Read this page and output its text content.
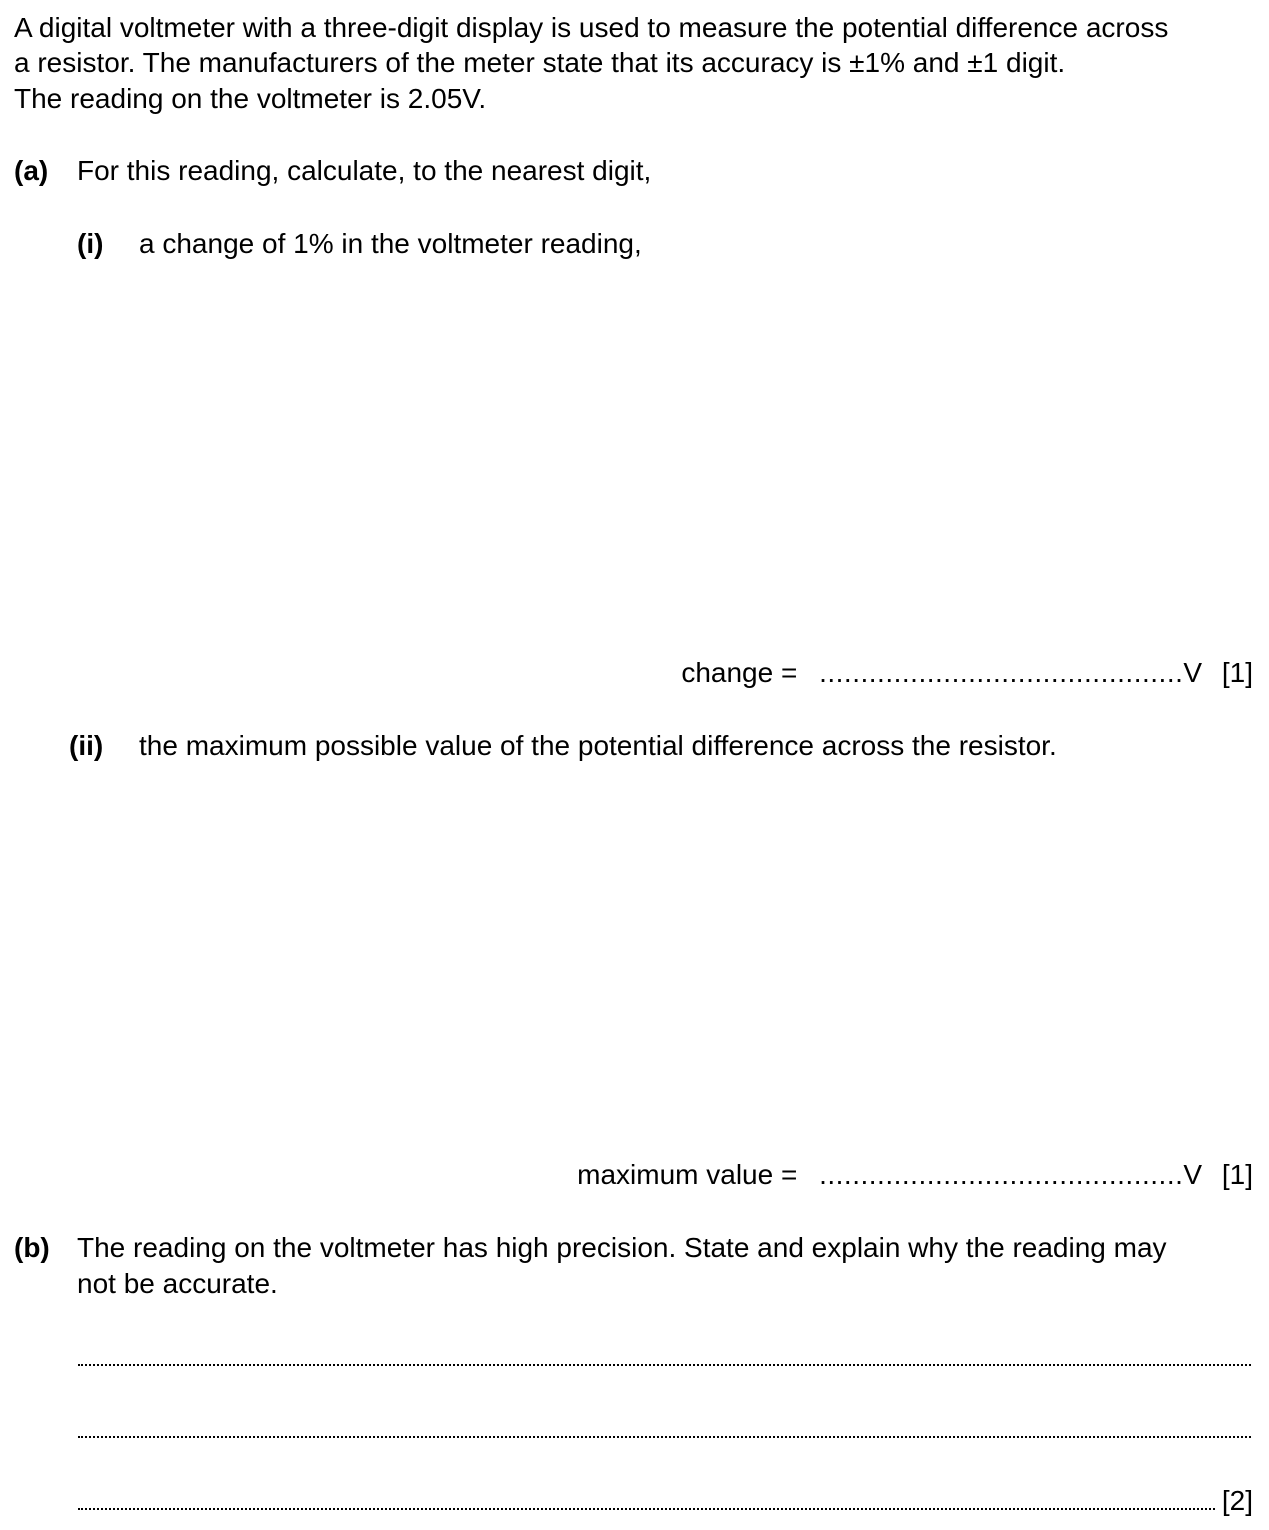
A digital voltmeter with a three-digit display is used to measure the potential difference across
a resistor. The manufacturers of the meter state that its accuracy is ±1% and ±1 digit.
The reading on the voltmeter is 2.05V.
(a) For this reading, calculate, to the nearest digit,
(i) a change of 1% in the voltmeter reading,
change = ............................................V [1]
(ii) the maximum possible value of the potential difference across the resistor.
maximum value = ............................................V [1]
(b) The reading on the voltmeter has high precision. State and explain why the reading may
not be accurate.
[2]
